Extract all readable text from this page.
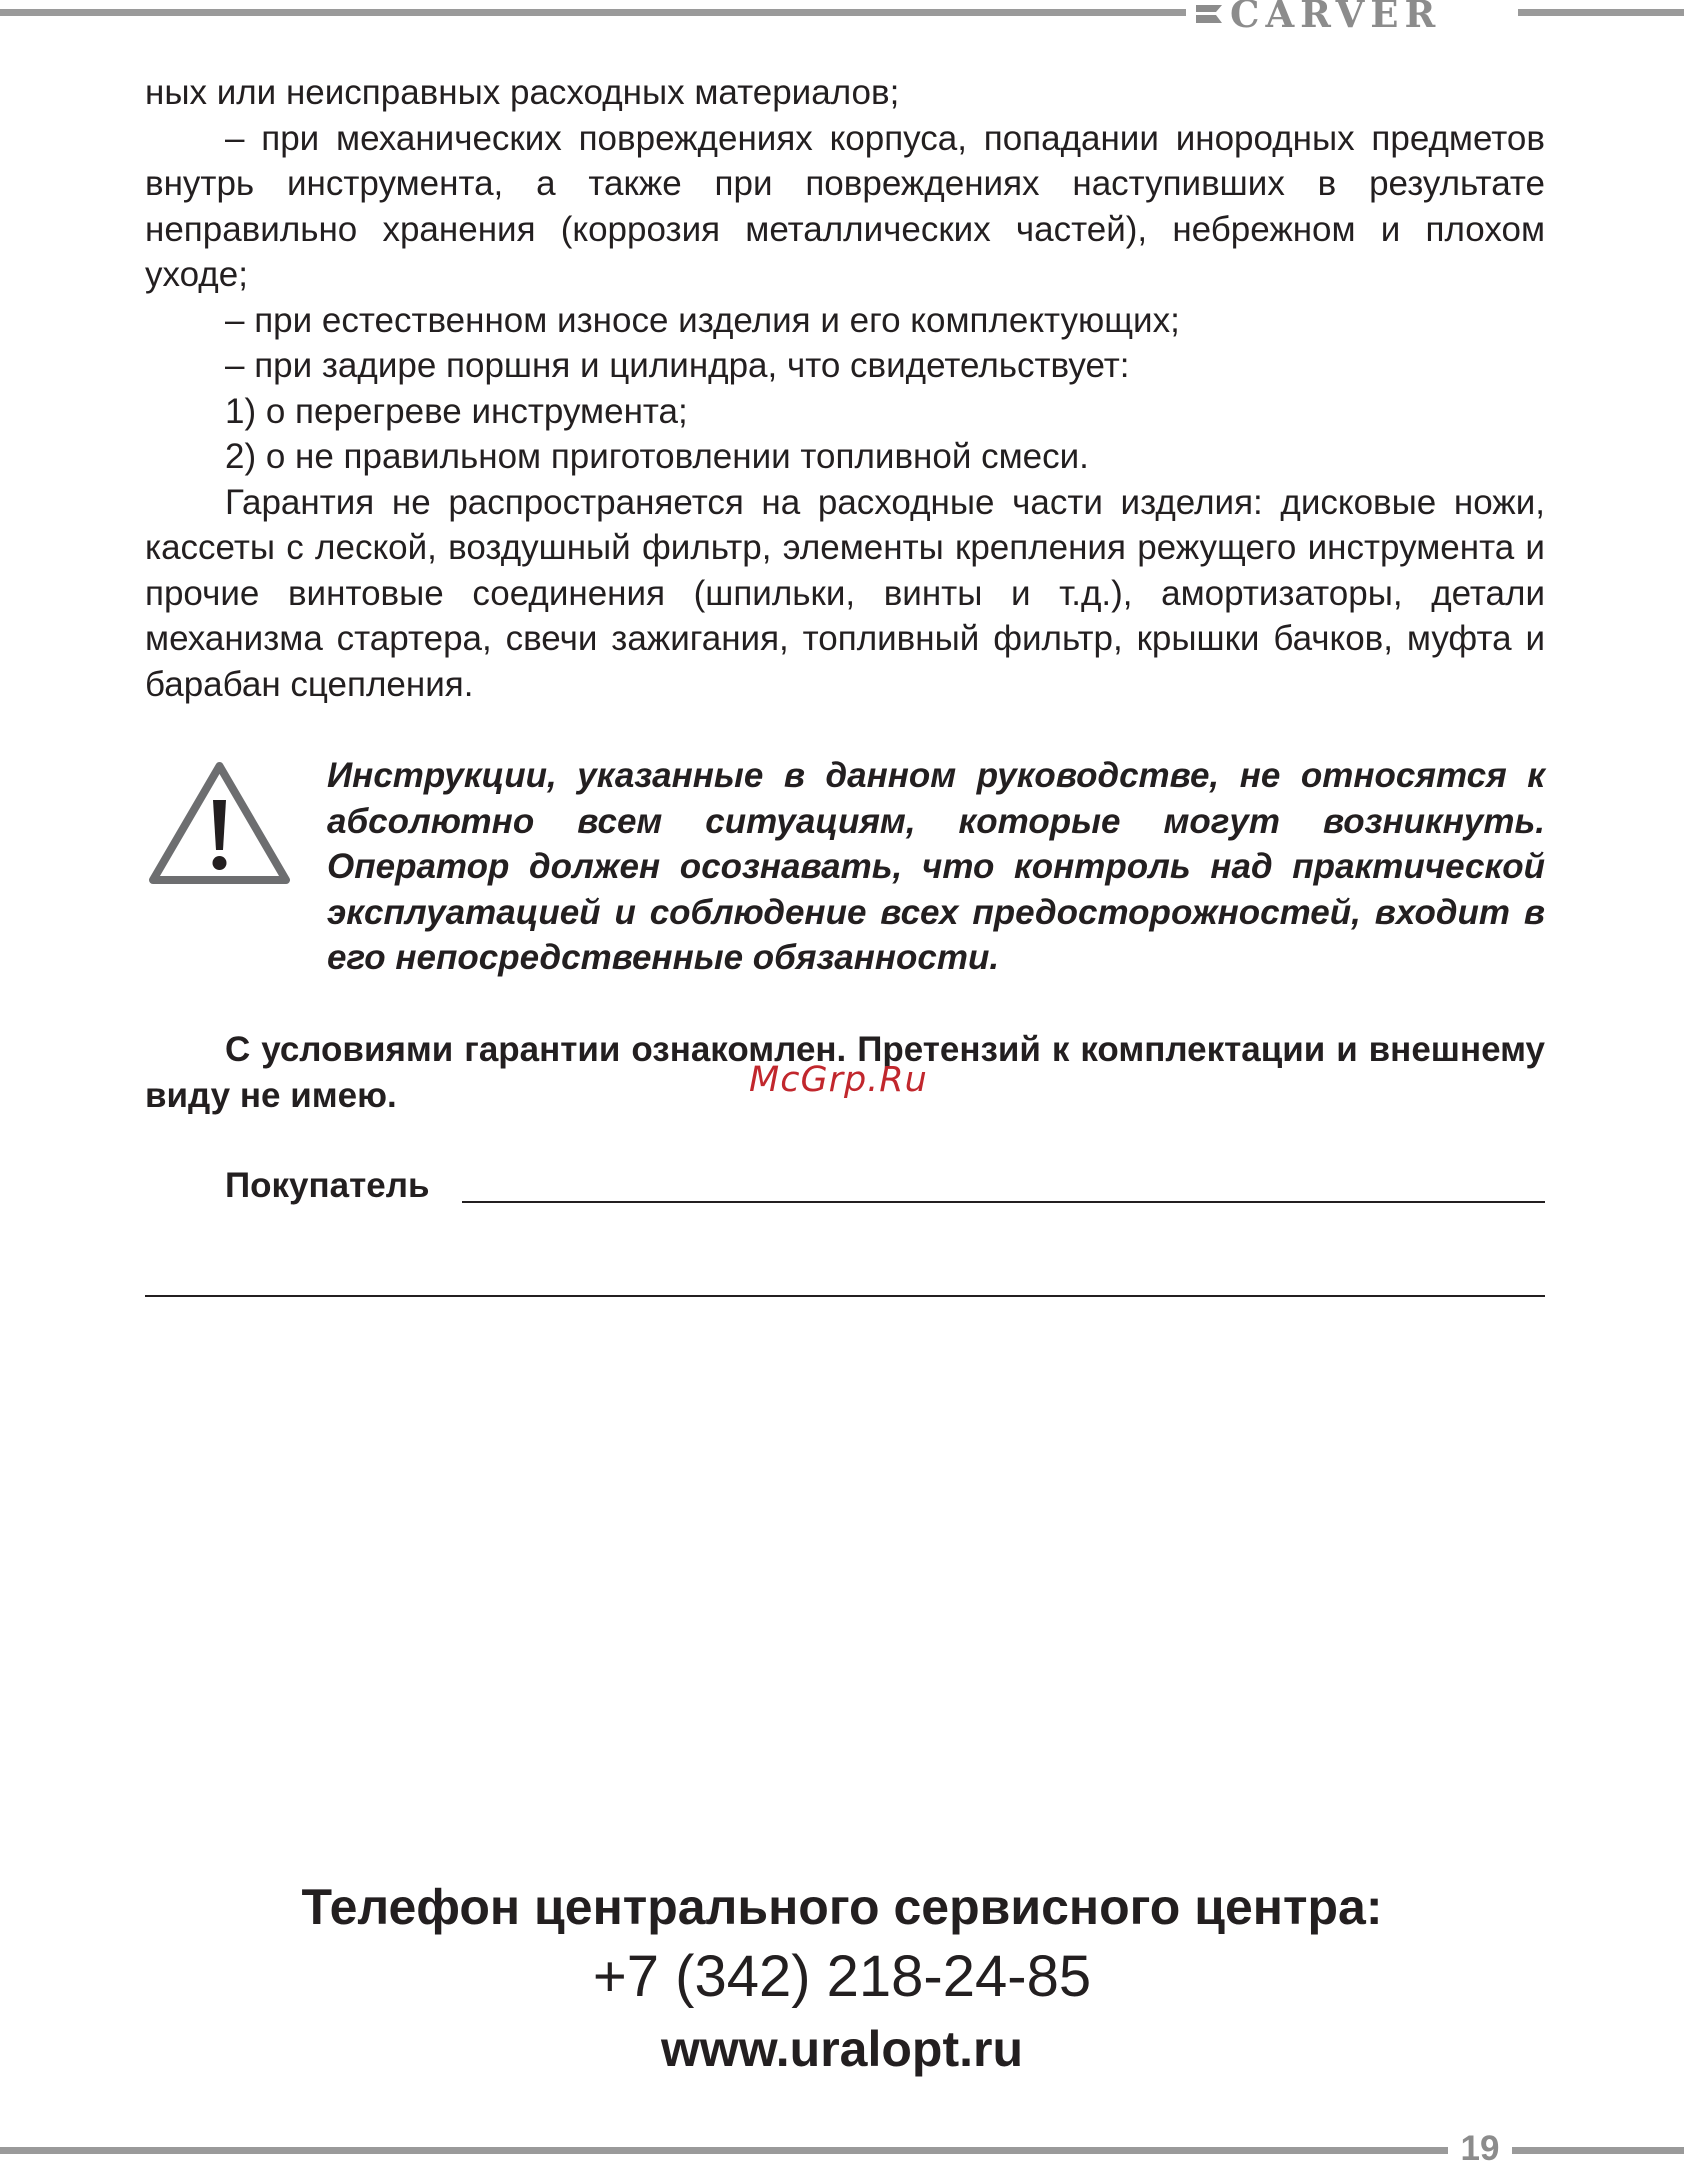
CARVER

ных или неисправных расходных материалов;

– при механических повреждениях корпуса, попадании инородных предметов внутрь инструмента, а также при повреждениях наступивших в результате неправильно хранения (коррозия металлических частей), небрежном и плохом уходе;

– при естественном износе изделия и его комплектующих;

– при задире поршня и цилиндра, что свидетельствует:

1) о перегреве инструмента;

2) о не правильном приготовлении топливной смеси.

Гарантия не распространяется на расходные части изделия: дисковые ножи, кассеты с леской, воздушный фильтр, элементы крепления режущего инструмента и прочие винтовые соединения (шпильки, винты и т.д.), амортизаторы, детали механизма стартера, свечи зажигания, топливный фильтр, крышки бачков, муфта и барабан сцепления.

Инструкции, указанные в данном руководстве, не относятся к абсолютно всем ситуациям, которые могут возникнуть. Оператор должен осознавать, что контроль над практической эксплуатацией и соблюдение всех предосторожностей, входит в его непосредственные обязанности.

С условиями гарантии ознакомлен. Претензий к комплектации и внешнему виду не имею.	McGrp.Ru
Покупатель

Телефон центрального сервисного центра:

+7 (342) 218-24-85

www.uralopt.ru

19
